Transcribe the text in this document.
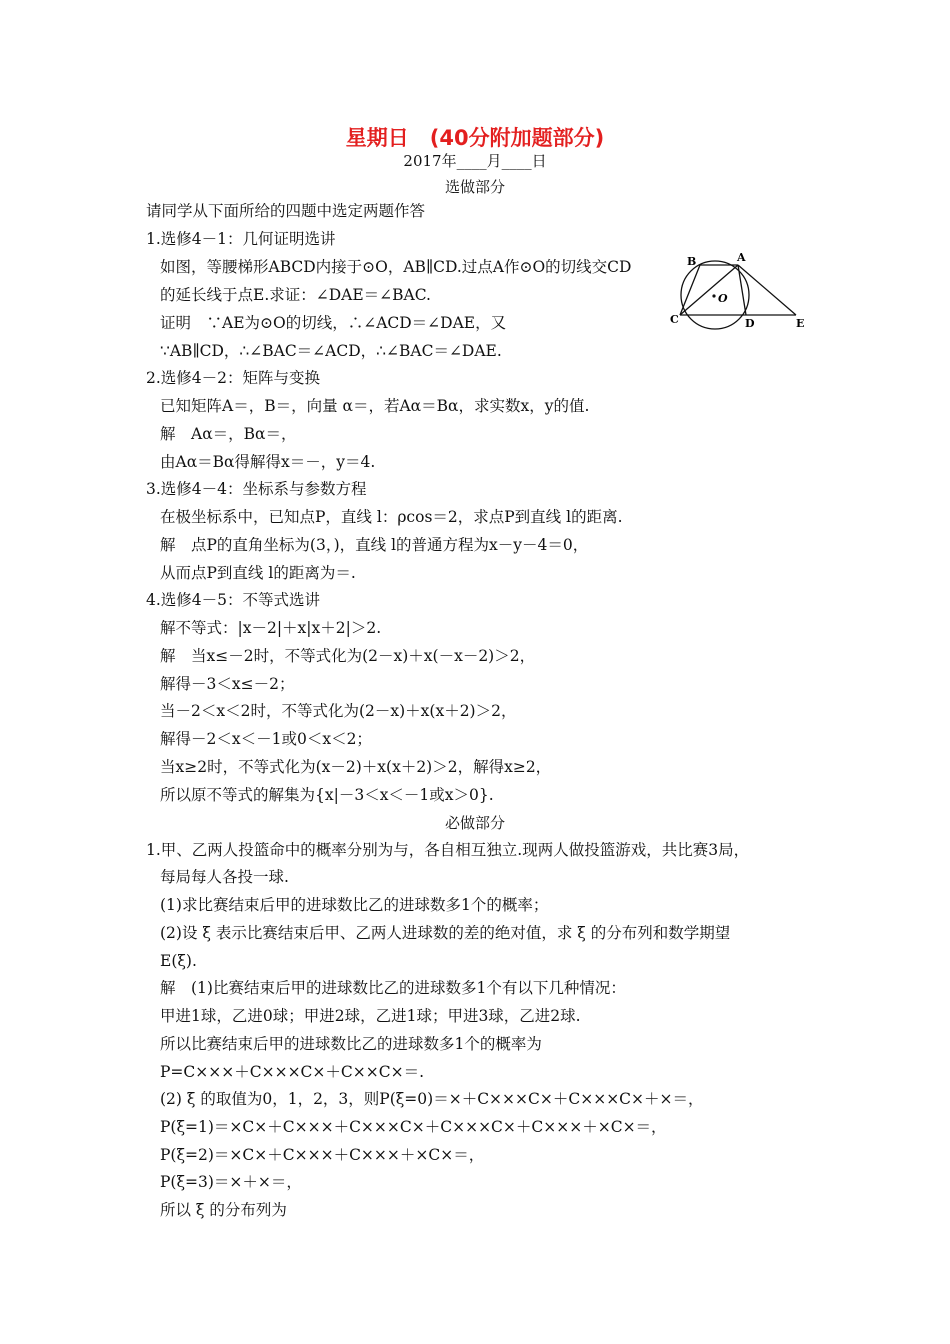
星期日　(40分附加题部分)
2017年____月____日
选做部分
请同学从下面所给的四题中选定两题作答
1.选修4－1：几何证明选讲
如图，等腰梯形ABCD内接于⊙O，AB∥CD.过点A作⊙O的切线交CD
的延长线于点E.求证：∠DAE＝∠BAC.
证明　∵AE为⊙O的切线，∴∠ACD＝∠DAE，又
∵AB∥CD，∴∠BAC＝∠ACD，∴∠BAC＝∠DAE.
2.选修4－2：矩阵与变换
已知矩阵A＝，B＝，向量 α＝，若Aα＝Bα，求实数x，y的值.
解　Aα＝，Bα＝，
由Aα＝Bα得解得x＝－，y＝4.
3.选修4－4：坐标系与参数方程
在极坐标系中，已知点P，直线 l：ρcos＝2，求点P到直线 l的距离.
解　点P的直角坐标为(3，)，直线 l的普通方程为x－y－4＝0，
从而点P到直线 l的距离为＝.
4.选修4－5：不等式选讲
解不等式：|x－2|＋x|x＋2|＞2.
解　当x≤－2时，不等式化为(2－x)＋x(－x－2)＞2，
解得－3＜x≤－2；
当－2＜x＜2时，不等式化为(2－x)＋x(x＋2)＞2，
解得－2＜x＜－1或0＜x＜2；
当x≥2时，不等式化为(x－2)＋x(x＋2)＞2，解得x≥2，
所以原不等式的解集为{x|－3＜x＜－1或x＞0}.
必做部分
1.甲、乙两人投篮命中的概率分别为与，各自相互独立.现两人做投篮游戏，共比赛3局，
每局每人各投一球.
(1)求比赛结束后甲的进球数比乙的进球数多1个的概率；
(2)设 ξ 表示比赛结束后甲、乙两人进球数的差的绝对值，求 ξ 的分布列和数学期望
E(ξ).
解　(1)比赛结束后甲的进球数比乙的进球数多1个有以下几种情况：
甲进1球，乙进0球；甲进2球，乙进1球；甲进3球，乙进2球.
所以比赛结束后甲的进球数比乙的进球数多1个的概率为
P=C×××＋C×××C×＋C××C×＝.
(2) ξ 的取值为0，1，2，3，则P(ξ=0)＝×＋C×××C×＋C×××C×＋×＝，
P(ξ=1)＝×C×＋C×××＋C×××C×＋C×××C×＋C×××＋×C×＝，
P(ξ=2)＝×C×＋C×××＋C×××＋×C×＝，
P(ξ=3)＝×＋×＝，
所以 ξ 的分布列为
B	A
O
C	D	E
